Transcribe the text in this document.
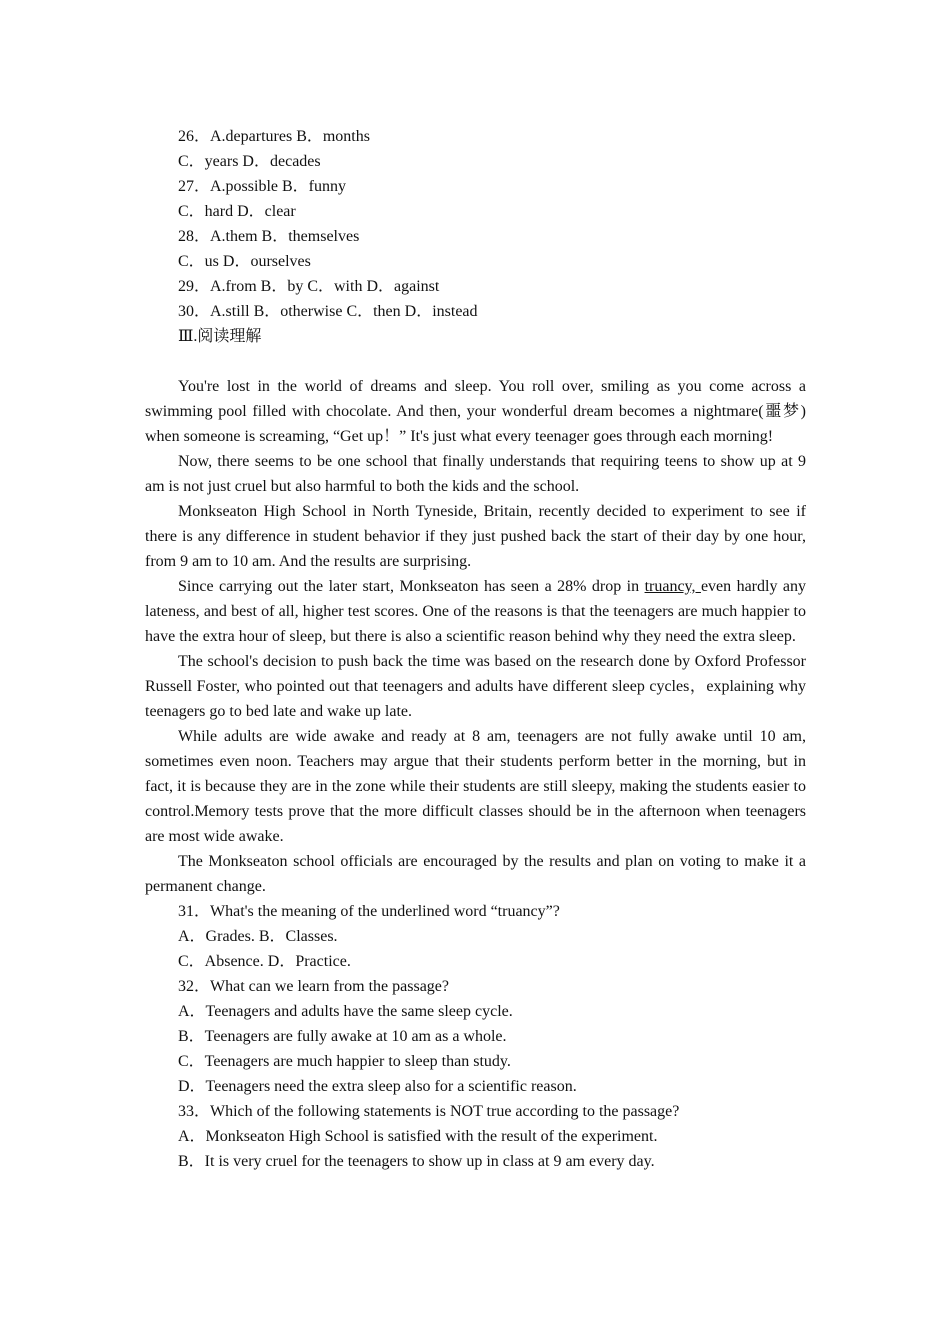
26．A.departures B．months
C．years D．decades
27．A.possible B．funny
C．hard D．clear
28．A.them B．themselves
C．us D．ourselves
29．A.from B．by C．with D．against
30．A.still B．otherwise C．then D．instead
Ⅲ.阅读理解

You're lost in the world of dreams and sleep. You roll over, smiling as you come across a swimming pool filled with chocolate. And then, your wonderful dream becomes a nightmare(噩梦) when someone is screaming, “Get up！” It's just what every teenager goes through each morning!

Now, there seems to be one school that finally understands that requiring teens to show up at 9 am is not just cruel but also harmful to both the kids and the school.

Monkseaton High School in North Tyneside, Britain, recently decided to experiment to see if there is any difference in student behavior if they just pushed back the start of their day by one hour, from 9 am to 10 am. And the results are surprising.

Since carrying out the later start, Monkseaton has seen a 28% drop in truancy, even hardly any lateness, and best of all, higher test scores. One of the reasons is that the teenagers are much happier to have the extra hour of sleep, but there is also a scientific reason behind why they need the extra sleep.

The school's decision to push back the time was based on the research done by Oxford Professor Russell Foster, who pointed out that teenagers and adults have different sleep cycles，explaining why teenagers go to bed late and wake up late.

While adults are wide awake and ready at 8 am, teenagers are not fully awake until 10 am, sometimes even noon. Teachers may argue that their students perform better in the morning, but in fact, it is because they are in the zone while their students are still sleepy, making the students easier to control.Memory tests prove that the more difficult classes should be in the afternoon when teenagers are most wide awake.

The Monkseaton school officials are encouraged by the results and plan on voting to make it a permanent change.

31．What's the meaning of the underlined word “truancy”?
A．Grades. B．Classes.
C．Absence. D．Practice.
32．What can we learn from the passage?
A．Teenagers and adults have the same sleep cycle.
B．Teenagers are fully awake at 10 am as a whole.
C．Teenagers are much happier to sleep than study.
D．Teenagers need the extra sleep also for a scientific reason.
33．Which of the following statements is NOT true according to the passage?
A．Monkseaton High School is satisfied with the result of the experiment.
B．It is very cruel for the teenagers to show up in class at 9 am every day.
